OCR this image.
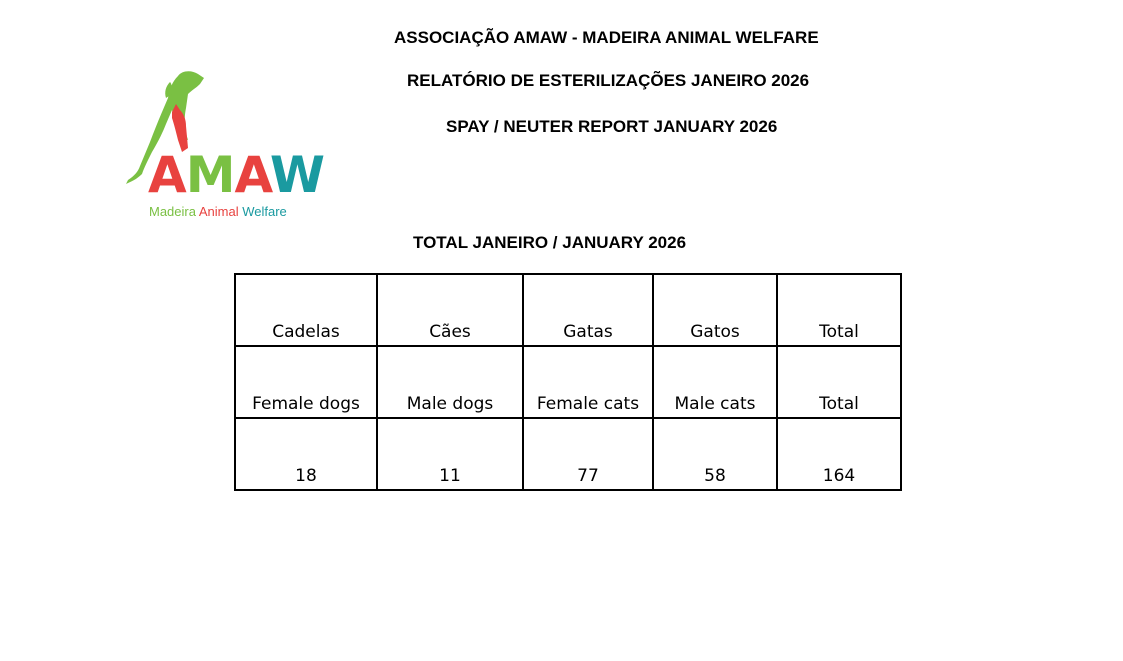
ASSOCIAÇÃO AMAW - MADEIRA ANIMAL WELFARE
RELATÓRIO DE ESTERILIZAÇÕES JANEIRO 2026
SPAY / NEUTER REPORT JANUARY 2026
AMAW
Madeira Animal Welfare
TOTAL JANEIRO / JANUARY 2026
Cadelas	Cães	Gatas	Gatos	Total
Female dogs	Male dogs	Female cats	Male cats	Total
18	11	77	58	164
